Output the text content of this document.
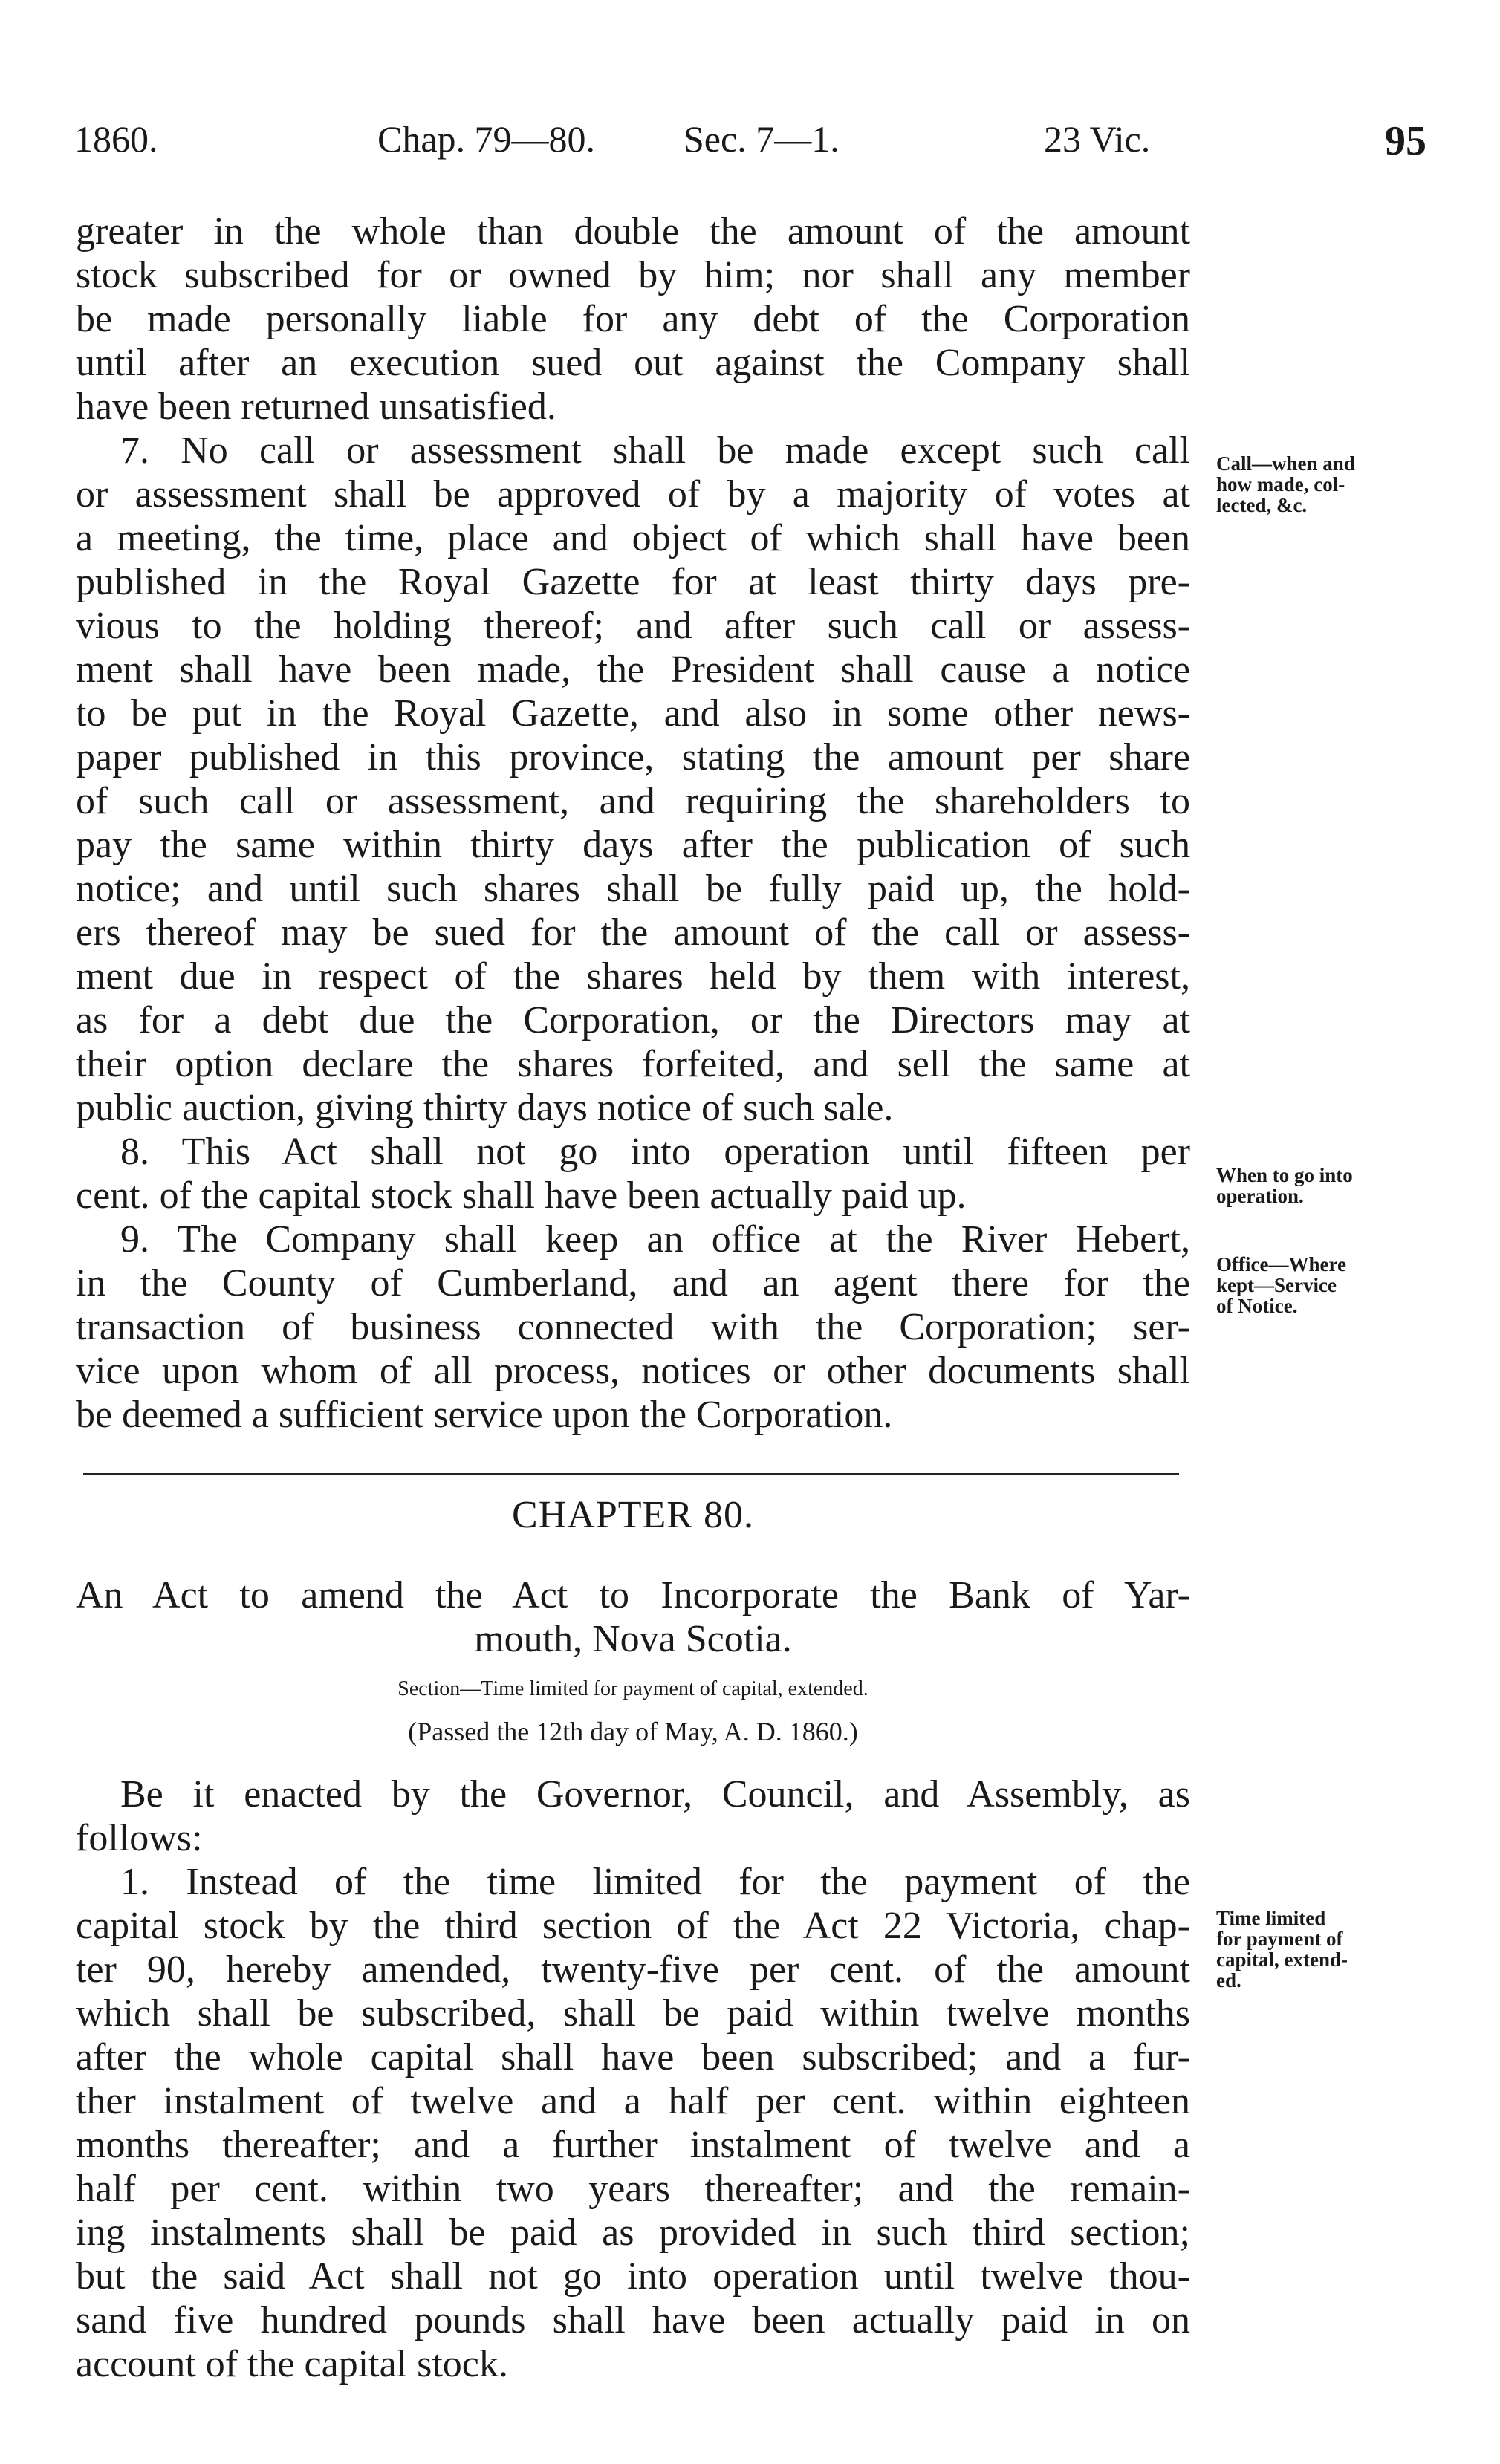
1860.	Chap. 79—80. Sec. 7—1.	23 Vic.	95
greater in the whole than double the amount of the amount
stock subscribed for or owned by him; nor shall any member
be made personally liable for any debt of the Corporation
until after an execution sued out against the Company shall
have been returned unsatisfied.
7. No call or assessment shall be made except such call
or assessment shall be approved of by a majority of votes at
a meeting, the time, place and object of which shall have been
published in the Royal Gazette for at least thirty days pre-
vious to the holding thereof; and after such call or assess-
ment shall have been made, the President shall cause a notice
to be put in the Royal Gazette, and also in some other news-
paper published in this province, stating the amount per share
of such call or assessment, and requiring the shareholders to
pay the same within thirty days after the publication of such
notice; and until such shares shall be fully paid up, the hold-
ers thereof may be sued for the amount of the call or assess-
ment due in respect of the shares held by them with interest,
as for a debt due the Corporation, or the Directors may at
their option declare the shares forfeited, and sell the same at
public auction, giving thirty days notice of such sale.
8. This Act shall not go into operation until fifteen per
cent. of the capital stock shall have been actually paid up.
9. The Company shall keep an office at the River Hebert,
in the County of Cumberland, and an agent there for the
transaction of business connected with the Corporation; ser-
vice upon whom of all process, notices or other documents shall
be deemed a sufficient service upon the Corporation.
Call—when and
how made, col-
lected, &c.
When to go into
operation.
Office—Where
kept—Service
of Notice.
Time limited
for payment of
capital, extend-
ed.
CHAPTER 80.
An Act to amend the Act to Incorporate the Bank of Yar-
mouth, Nova Scotia.
Section—Time limited for payment of capital, extended.
(Passed the 12th day of May, A. D. 1860.)
Be it enacted by the Governor, Council, and Assembly, as
follows:
1. Instead of the time limited for the payment of the
capital stock by the third section of the Act 22 Victoria, chap-
ter 90, hereby amended, twenty-five per cent. of the amount
which shall be subscribed, shall be paid within twelve months
after the whole capital shall have been subscribed; and a fur-
ther instalment of twelve and a half per cent. within eighteen
months thereafter; and a further instalment of twelve and a
half per cent. within two years thereafter; and the remain-
ing instalments shall be paid as provided in such third section;
but the said Act shall not go into operation until twelve thou-
sand five hundred pounds shall have been actually paid in on
account of the capital stock.
